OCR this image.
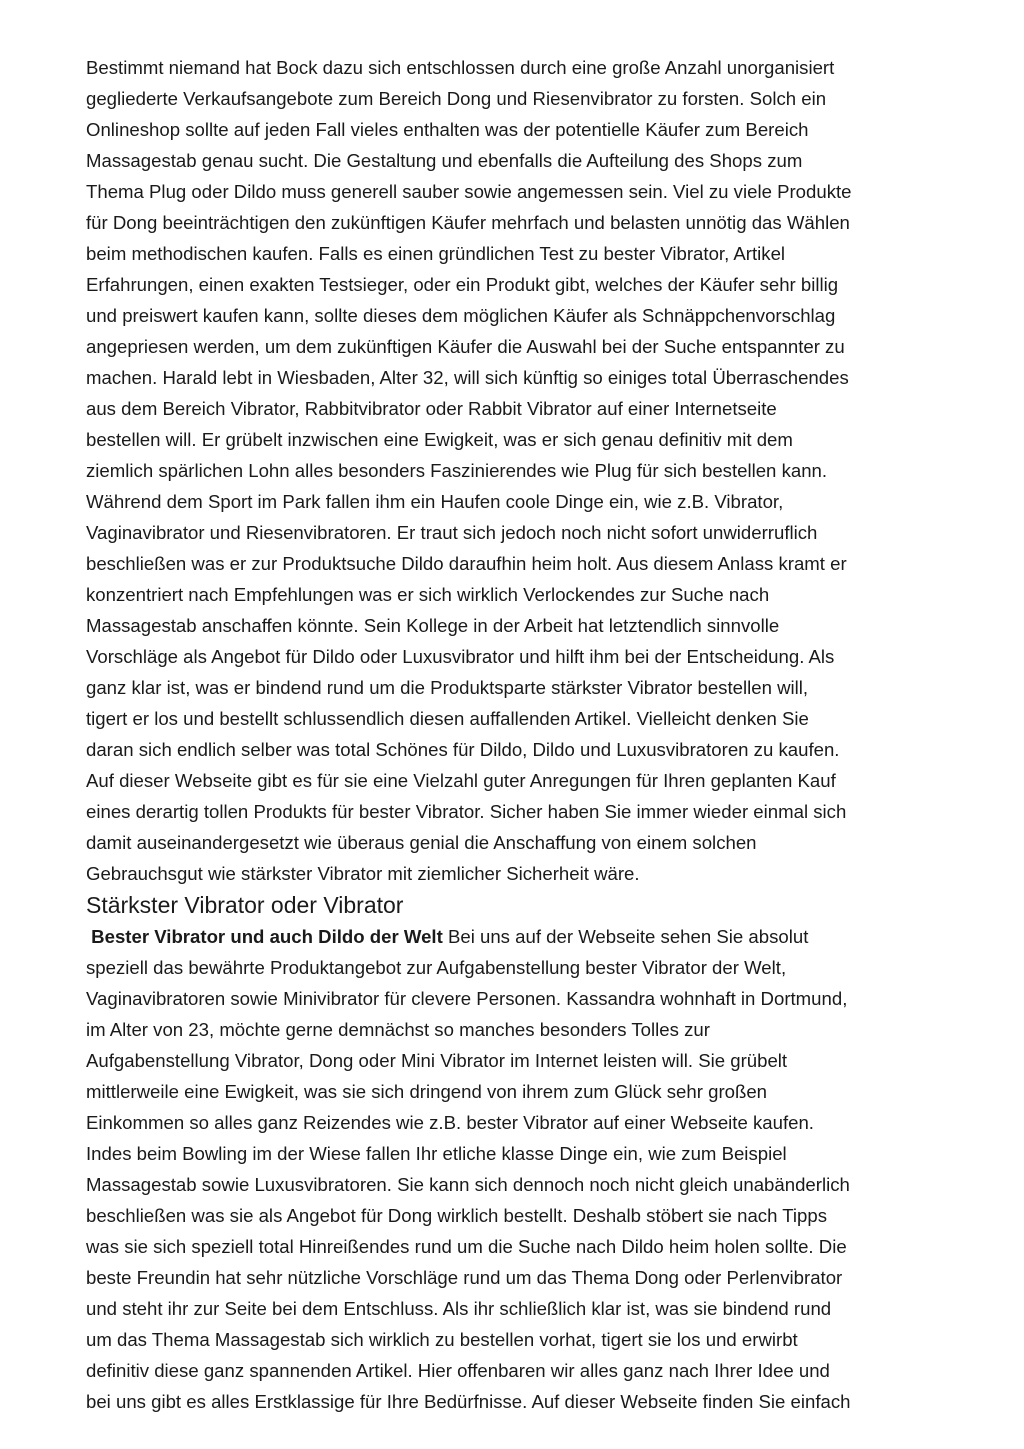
Bestimmt niemand hat Bock dazu sich entschlossen durch eine große Anzahl unorganisiert
gegliederte Verkaufsangebote zum Bereich Dong und Riesenvibrator zu forsten. Solch ein
Onlineshop sollte auf jeden Fall vieles enthalten was der potentielle Käufer zum Bereich
Massagestab genau sucht. Die Gestaltung und ebenfalls die Aufteilung des Shops zum
Thema Plug oder Dildo muss generell sauber sowie angemessen sein. Viel zu viele Produkte
für Dong beeinträchtigen den zukünftigen Käufer mehrfach und belasten unnötig das Wählen
beim methodischen kaufen. Falls es einen gründlichen Test zu bester Vibrator, Artikel
Erfahrungen, einen exakten Testsieger, oder ein Produkt gibt, welches der Käufer sehr billig
und preiswert kaufen kann, sollte dieses dem möglichen Käufer als Schnäppchenvorschlag
angepriesen werden, um dem zukünftigen Käufer die Auswahl bei der Suche entspannter zu
machen. Harald lebt in Wiesbaden, Alter 32, will sich künftig so einiges total Überraschendes
aus dem Bereich Vibrator, Rabbitvibrator oder Rabbit Vibrator auf einer Internetseite
bestellen will. Er grübelt inzwischen eine Ewigkeit, was er sich genau definitiv mit dem
ziemlich spärlichen Lohn alles besonders Faszinierendes wie Plug für sich bestellen kann.
Während dem Sport im Park fallen ihm ein Haufen coole Dinge ein, wie z.B. Vibrator,
Vaginavibrator und Riesenvibratoren. Er traut sich jedoch noch nicht sofort unwiderruflich
beschließen was er zur Produktsuche Dildo daraufhin heim holt. Aus diesem Anlass kramt er
konzentriert nach Empfehlungen was er sich wirklich Verlockendes zur Suche nach
Massagestab anschaffen könnte. Sein Kollege in der Arbeit hat letztendlich sinnvolle
Vorschläge als Angebot für Dildo oder Luxusvibrator und hilft ihm bei der Entscheidung. Als
ganz klar ist, was er bindend rund um die Produktsparte stärkster Vibrator bestellen will,
tigert er los und bestellt schlussendlich diesen auffallenden Artikel. Vielleicht denken Sie
daran sich endlich selber was total Schönes für Dildo, Dildo und Luxusvibratoren zu kaufen.
Auf dieser Webseite gibt es für sie eine Vielzahl guter Anregungen für Ihren geplanten Kauf
eines derartig tollen Produkts für bester Vibrator. Sicher haben Sie immer wieder einmal sich
damit auseinandergesetzt wie überaus genial die Anschaffung von einem solchen
Gebrauchsgut wie stärkster Vibrator mit ziemlicher Sicherheit wäre.

Stärkster Vibrator oder Vibrator

Bester Vibrator und auch Dildo der Welt Bei uns auf der Webseite sehen Sie absolut
speziell das bewährte Produktangebot zur Aufgabenstellung bester Vibrator der Welt,
Vaginavibratoren sowie Minivibrator für clevere Personen. Kassandra wohnhaft in Dortmund,
im Alter von 23, möchte gerne demnächst so manches besonders Tolles zur
Aufgabenstellung Vibrator, Dong oder Mini Vibrator im Internet leisten will. Sie grübelt
mittlerweile eine Ewigkeit, was sie sich dringend von ihrem zum Glück sehr großen
Einkommen so alles ganz Reizendes wie z.B. bester Vibrator auf einer Webseite kaufen.
Indes beim Bowling im der Wiese fallen Ihr etliche klasse Dinge ein, wie zum Beispiel
Massagestab sowie Luxusvibratoren. Sie kann sich dennoch noch nicht gleich unabänderlich
beschließen was sie als Angebot für Dong wirklich bestellt. Deshalb stöbert sie nach Tipps
was sie sich speziell total Hinreißendes rund um die Suche nach Dildo heim holen sollte. Die
beste Freundin hat sehr nützliche Vorschläge rund um das Thema Dong oder Perlenvibrator
und steht ihr zur Seite bei dem Entschluss. Als ihr schließlich klar ist, was sie bindend rund
um das Thema Massagestab sich wirklich zu bestellen vorhat, tigert sie los und erwirbt
definitiv diese ganz spannenden Artikel. Hier offenbaren wir alles ganz nach Ihrer Idee und
bei uns gibt es alles Erstklassige für Ihre Bedürfnisse. Auf dieser Webseite finden Sie einfach
